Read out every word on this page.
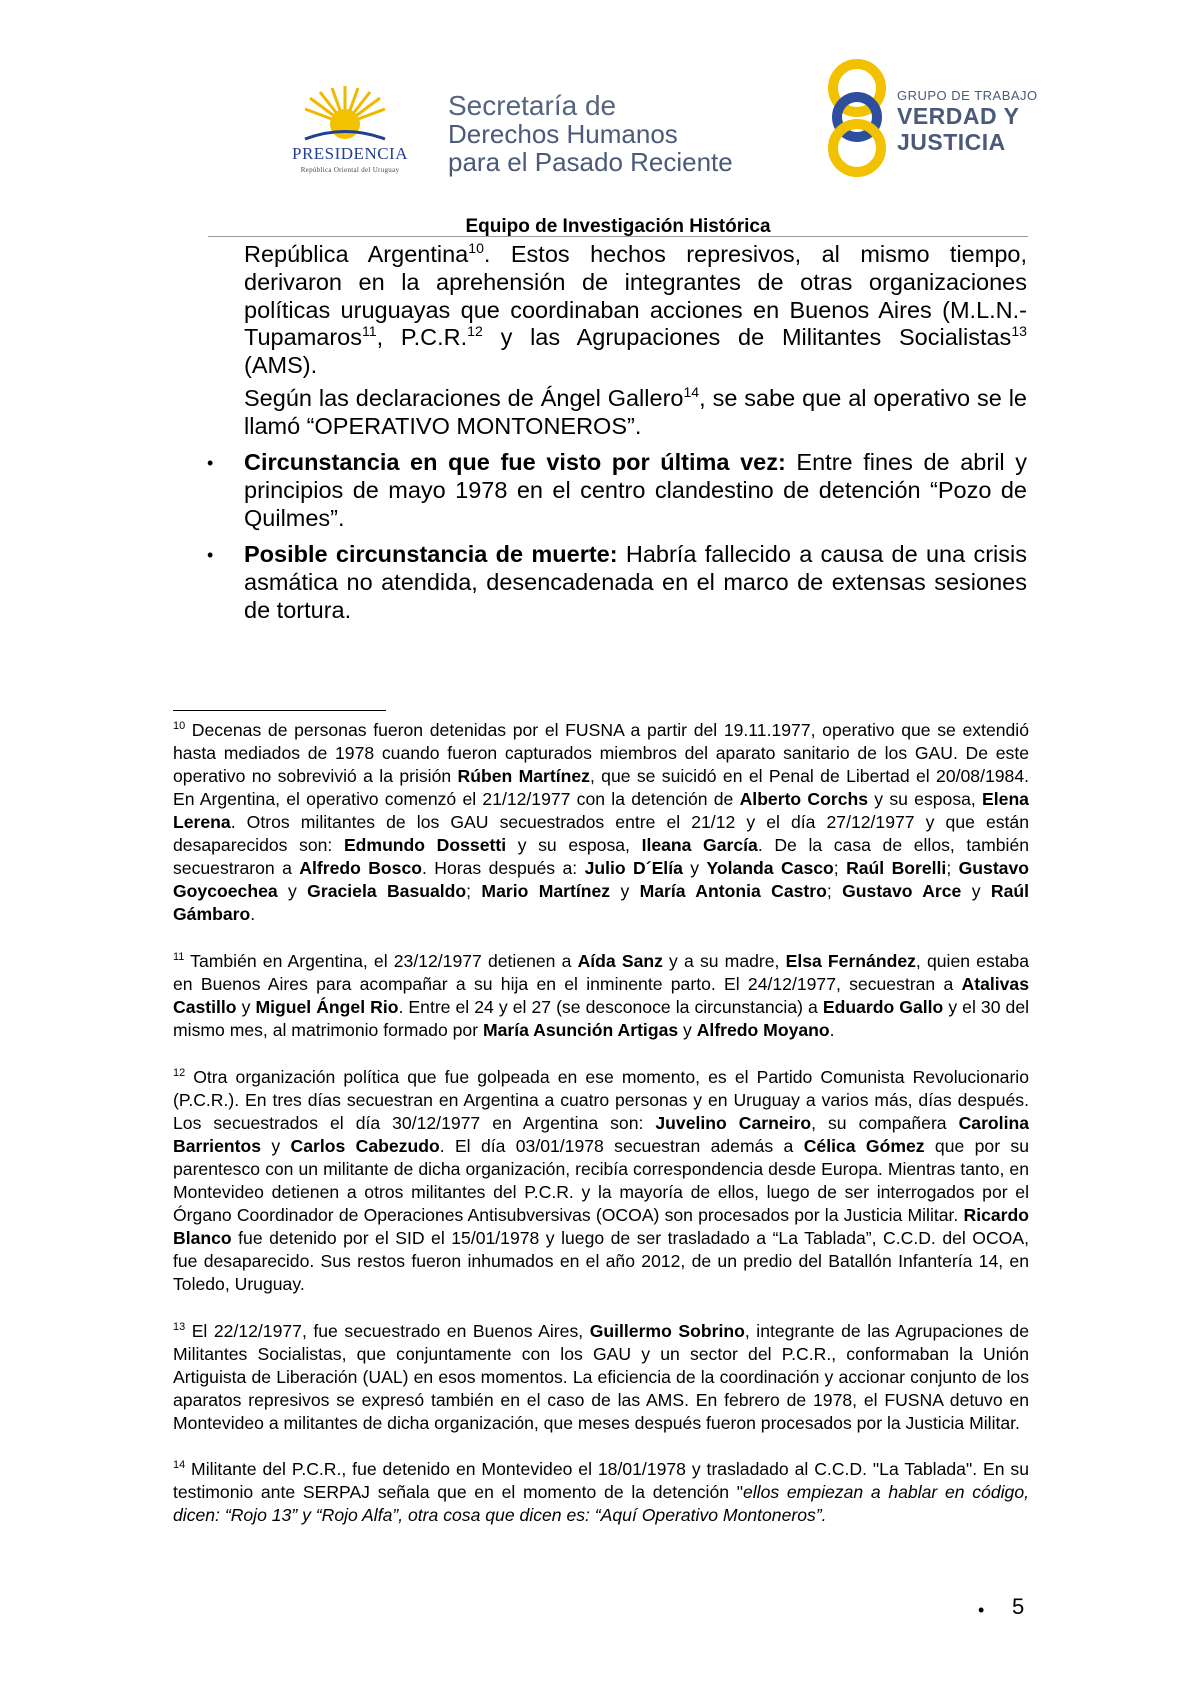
PRESIDENCIA
República Oriental del Uruguay
Secretaría de
Derechos Humanos
para el Pasado Reciente
GRUPO DE TRABAJO
VERDAD Y
JUSTICIA
Equipo de Investigación Histórica
República Argentina$^{10}$. Estos hechos represivos, al mismo tiempo, derivaron en la aprehensión de integrantes de otras organizaciones políticas uruguayas que coordinaban acciones en Buenos Aires (M.L.N.- Tupamaros$^{11}$, P.C.R.$^{12}$ y las Agrupaciones de Militantes Socialistas$^{13}$ (AMS).
Según las declaraciones de Ángel Gallero$^{14}$, se sabe que al operativo se le llamó “OPERATIVO MONTONEROS”.
• Circunstancia en que fue visto por última vez: Entre fines de abril y principios de mayo 1978 en el centro clandestino de detención “Pozo de Quilmes”.
• Posible circunstancia de muerte: Habría fallecido a causa de una crisis asmática no atendida, desencadenada en el marco de extensas sesiones de tortura.
$^{10}$ Decenas de personas fueron detenidas por el FUSNA a partir del 19.11.1977, operativo que se extendió hasta mediados de 1978 cuando fueron capturados miembros del aparato sanitario de los GAU. De este operativo no sobrevivió a la prisión Rúben Martínez, que se suicidó en el Penal de Libertad el 20/08/1984. En Argentina, el operativo comenzó el 21/12/1977 con la detención de Alberto Corchs y su esposa, Elena Lerena. Otros militantes de los GAU secuestrados entre el 21/12 y el día 27/12/1977 y que están desaparecidos son: Edmundo Dossetti y su esposa, Ileana García. De la casa de ellos, también secuestraron a Alfredo Bosco. Horas después a: Julio D´Elía y Yolanda Casco; Raúl Borelli; Gustavo Goycoechea y Graciela Basualdo; Mario Martínez y María Antonia Castro; Gustavo Arce y Raúl Gámbaro.
$^{11}$ También en Argentina, el 23/12/1977 detienen a Aída Sanz y a su madre, Elsa Fernández, quien estaba en Buenos Aires para acompañar a su hija en el inminente parto. El 24/12/1977, secuestran a Atalivas Castillo y Miguel Ángel Rio. Entre el 24 y el 27 (se desconoce la circunstancia) a Eduardo Gallo y el 30 del mismo mes, al matrimonio formado por María Asunción Artigas y Alfredo Moyano.
$^{12}$ Otra organización política que fue golpeada en ese momento, es el Partido Comunista Revolucionario (P.C.R.). En tres días secuestran en Argentina a cuatro personas y en Uruguay a varios más, días después. Los secuestrados el día 30/12/1977 en Argentina son: Juvelino Carneiro, su compañera Carolina Barrientos y Carlos Cabezudo. El día 03/01/1978 secuestran además a Célica Gómez que por su parentesco con un militante de dicha organización, recibía correspondencia desde Europa. Mientras tanto, en Montevideo detienen a otros militantes del P.C.R. y la mayoría de ellos, luego de ser interrogados por el Órgano Coordinador de Operaciones Antisubversivas (OCOA) son procesados por la Justicia Militar. Ricardo Blanco fue detenido por el SID el 15/01/1978 y luego de ser trasladado a “La Tablada”, C.C.D. del OCOA, fue desaparecido. Sus restos fueron inhumados en el año 2012, de un predio del Batallón Infantería 14, en Toledo, Uruguay.
$^{13}$ El 22/12/1977, fue secuestrado en Buenos Aires, Guillermo Sobrino, integrante de las Agrupaciones de Militantes Socialistas, que conjuntamente con los GAU y un sector del P.C.R., conformaban la Unión Artiguista de Liberación (UAL) en esos momentos. La eficiencia de la coordinación y accionar conjunto de los aparatos represivos se expresó también en el caso de las AMS. En febrero de 1978, el FUSNA detuvo en Montevideo a militantes de dicha organización, que meses después fueron procesados por la Justicia Militar.
$^{14}$ Militante del P.C.R., fue detenido en Montevideo el 18/01/1978 y trasladado al C.C.D. "La Tablada". En su testimonio ante SERPAJ señala que en el momento de la detención "ellos empiezan a hablar en código, dicen: “Rojo 13” y “Rojo Alfa”, otra cosa que dicen es: “Aquí Operativo Montoneros”.
• 5
